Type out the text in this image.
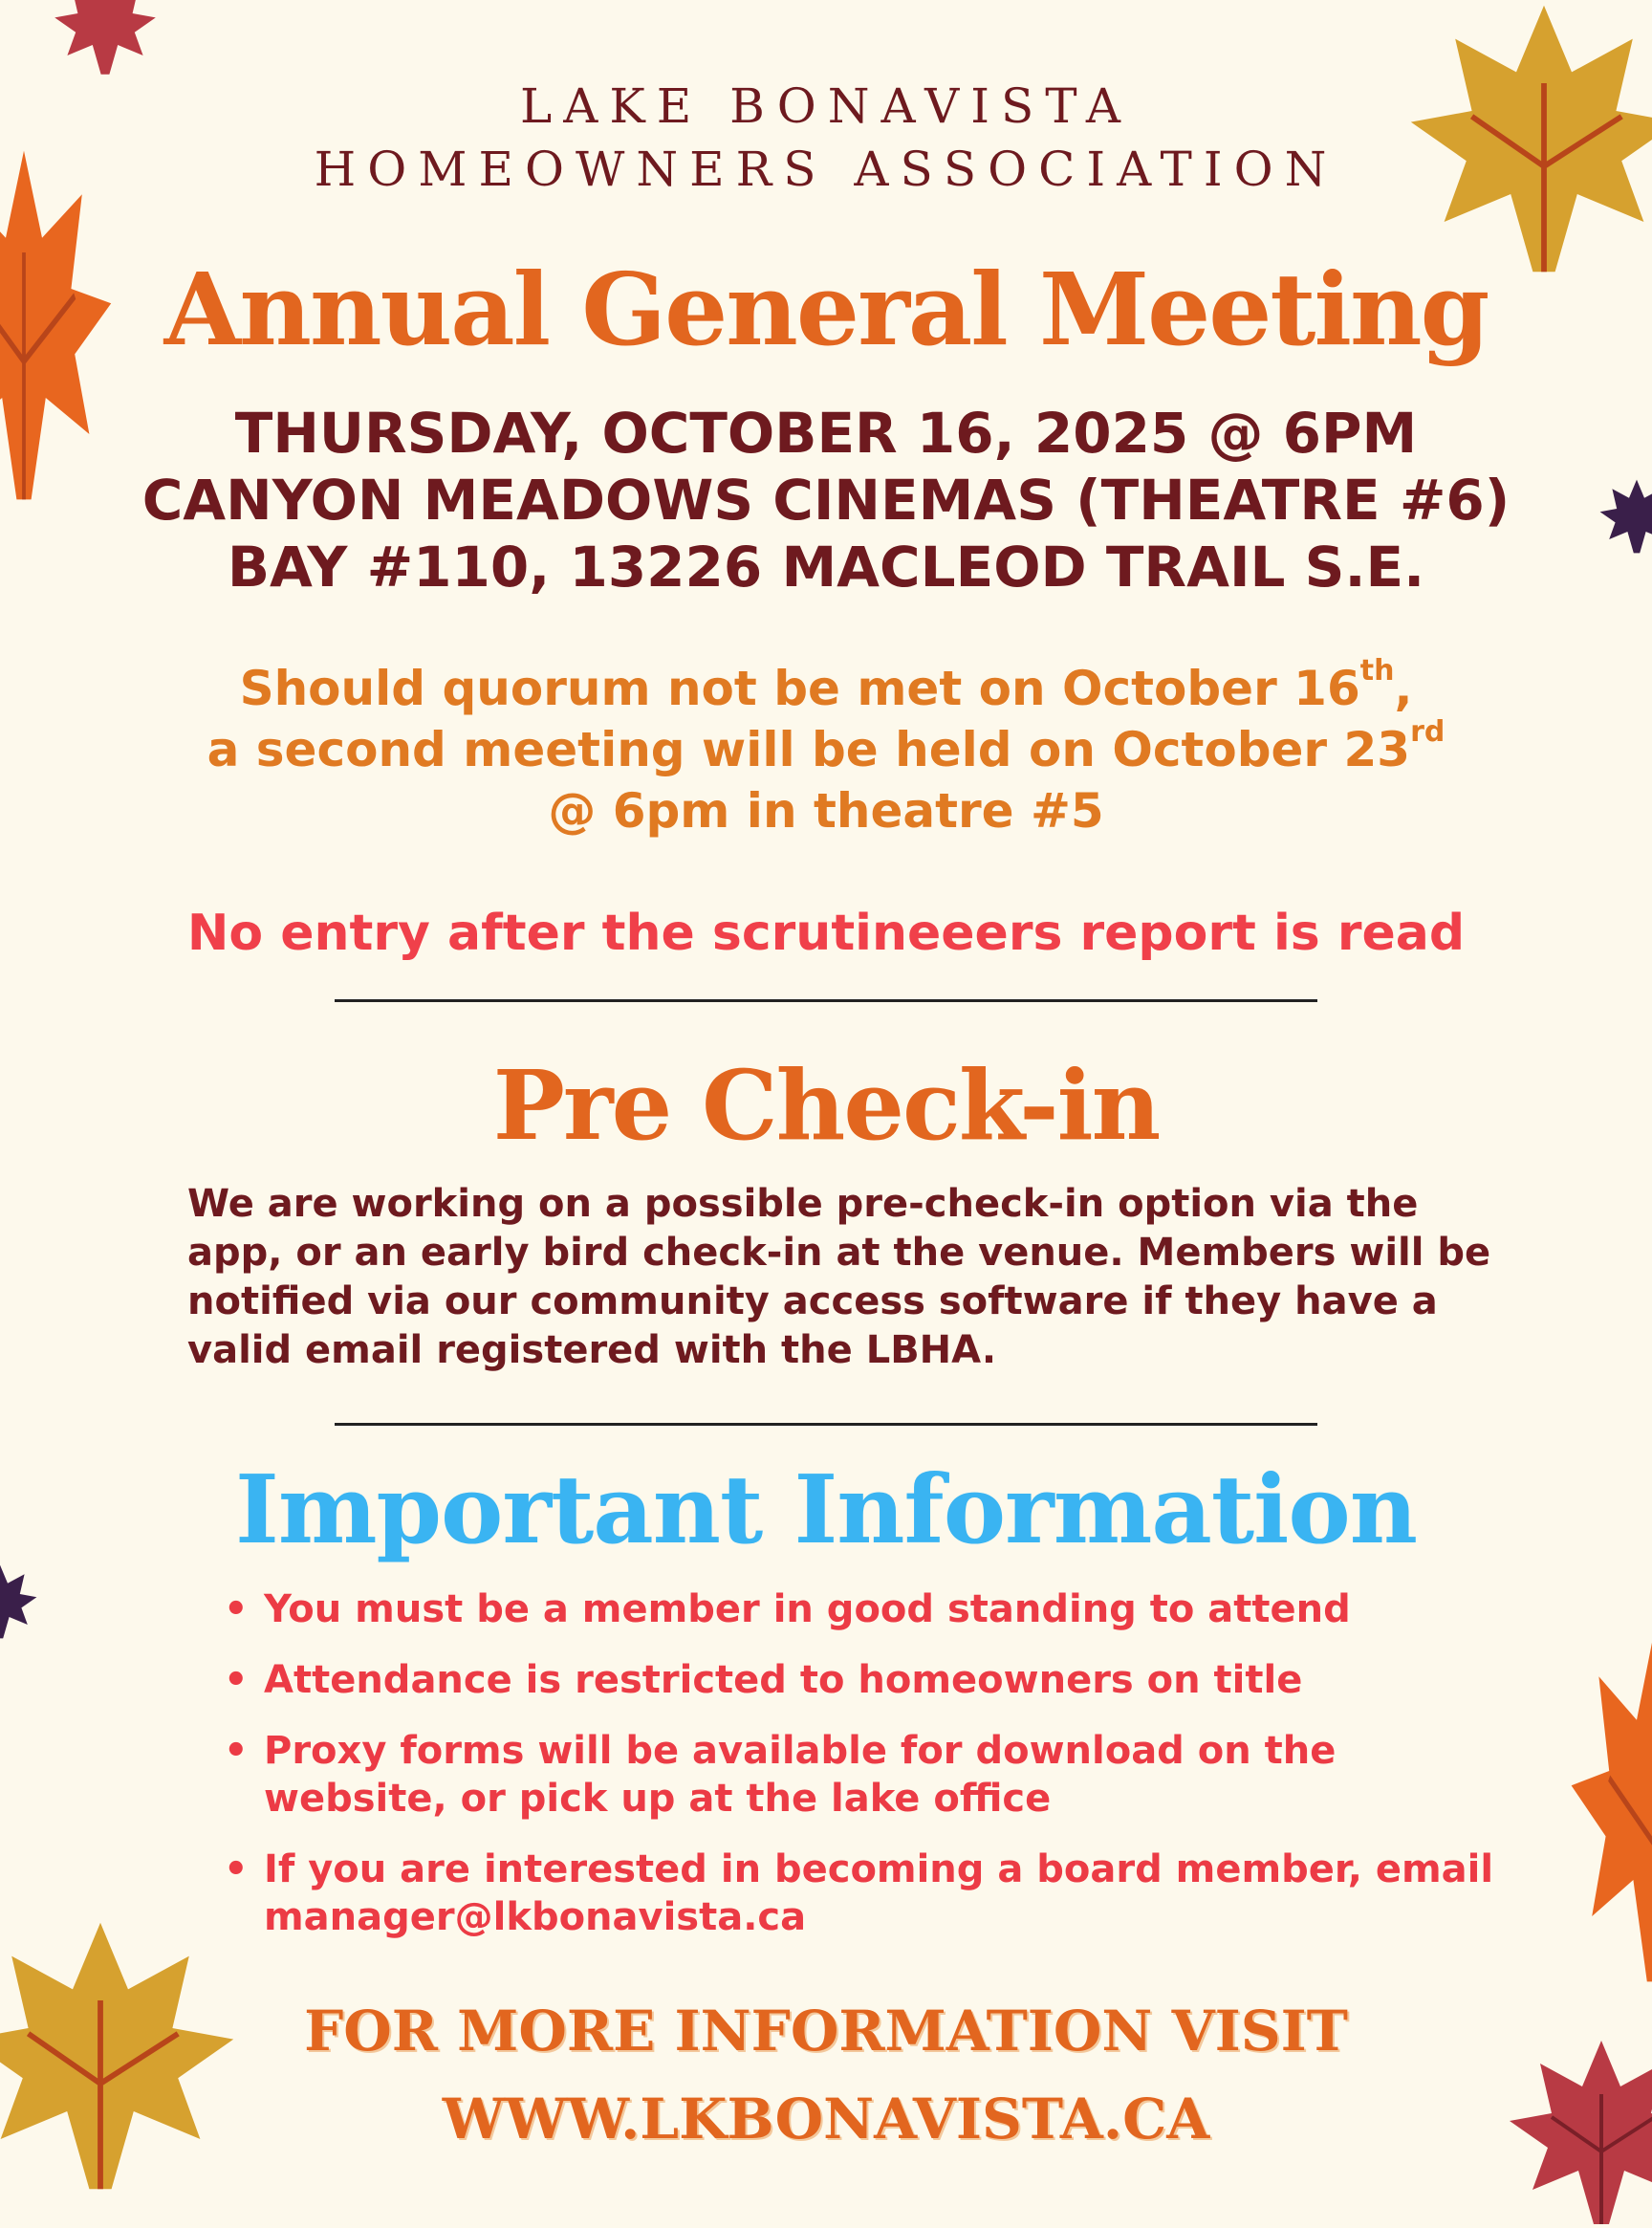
LAKE BONAVISTA
HOMEOWNERS ASSOCIATION
Annual General Meeting
THURSDAY, OCTOBER 16, 2025 @ 6PM
CANYON MEADOWS CINEMAS (THEATRE #6)
BAY #110, 13226 MACLEOD TRAIL S.E.
Should quorum not be met on October 16th,
a second meeting will be held on October 23rd
@ 6pm in theatre #5
No entry after the scrutineeers report is read
Pre Check-in
We are working on a possible pre-check-in option via the app, or an early bird check-in at the venue. Members will be notified via our community access software if they have a valid email registered with the LBHA.
Important Information
• You must be a member in good standing to attend
• Attendance is restricted to homeowners on title
• Proxy forms will be available for download on the website, or pick up at the lake office
• If you are interested in becoming a board member, email manager@lkbonavista.ca
FOR MORE INFORMATION VISIT
WWW.LKBONAVISTA.CA
